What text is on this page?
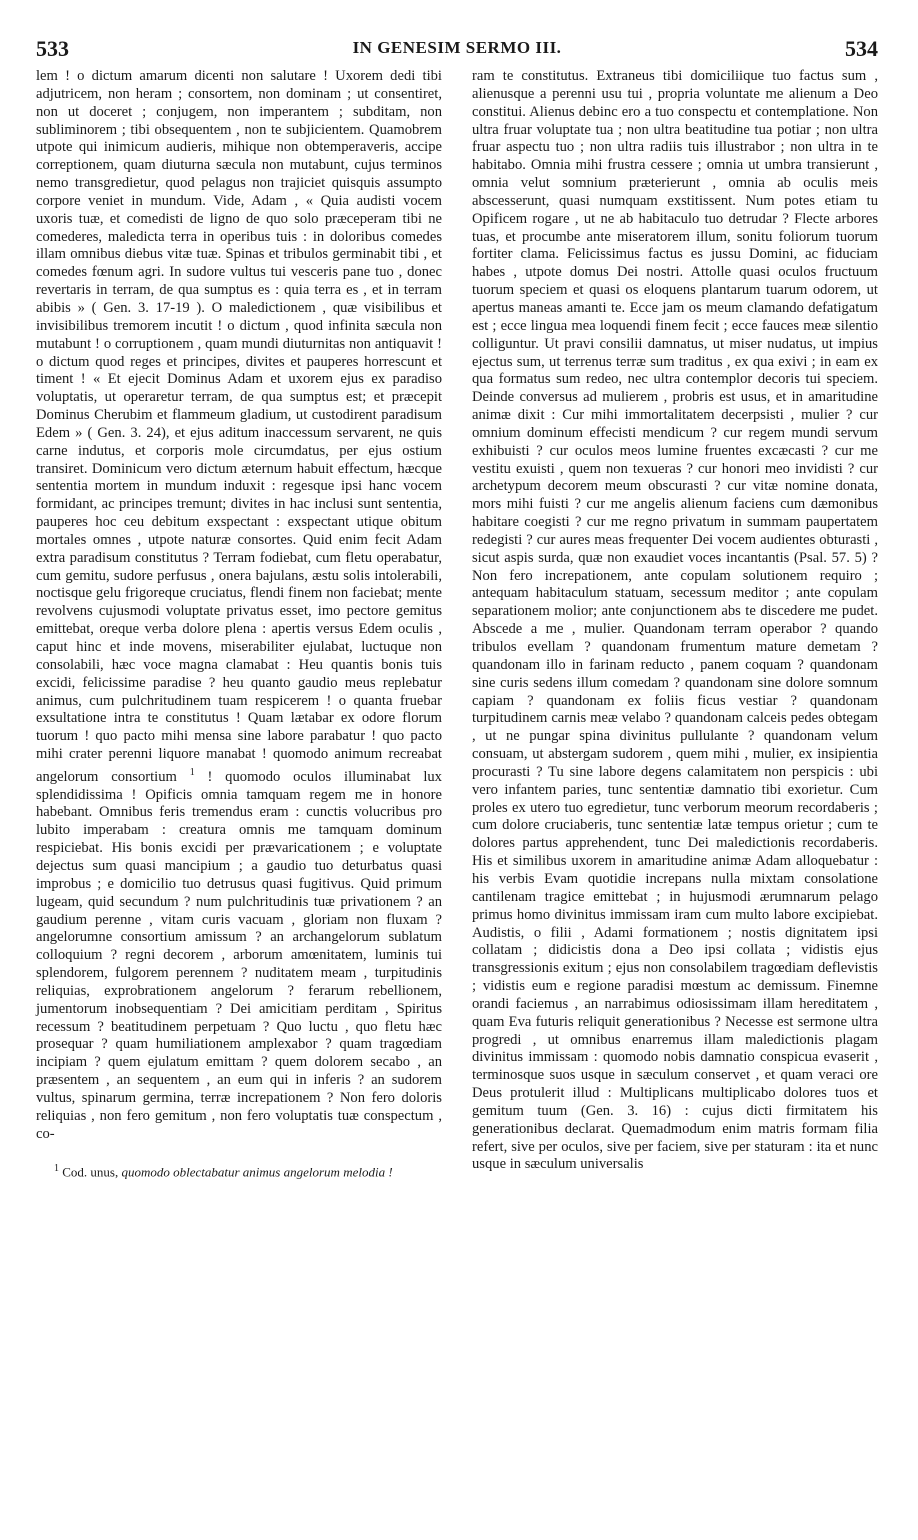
533	IN GENESIM SERMO III.	534

lem ! o dictum amarum dicenti non salutare ! Uxorem dedi tibi adjutricem, non heram ; consortem, non dominam ; ut consentiret, non ut doceret ; conjugem, non imperantem ; subditam, non subliminorem ; tibi obsequentem , non te subjicientem. Quamobrem utpote qui inimicum audieris, mihique non obtemperaveris, accipe correptionem, quam diuturna sæcula non mutabunt, cujus terminos nemo transgredietur, quod pelagus non trajiciet quisquis assumpto corpore veniet in mundum. Vide, Adam , « Quia audisti vocem uxoris tuæ, et comedisti de ligno de quo solo præceperam tibi ne comederes, maledicta terra in operibus tuis : in doloribus comedes illam omnibus diebus vitæ tuæ. Spinas et tribulos germinabit tibi , et comedes fœnum agri. In sudore vultus tui vesceris pane tuo , donec revertaris in terram, de qua sumptus es : quia terra es , et in terram abibis » ( Gen. 3. 17-19 ). O maledictionem , quæ visibilibus et invisibilibus tremorem incutit ! o dictum , quod infinita sæcula non mutabunt ! o corruptionem , quam mundi diuturnitas non antiquavit ! o dictum quod reges et principes, divites et pauperes horrescunt et timent ! « Et ejecit Dominus Adam et uxorem ejus ex paradiso voluptatis, ut operaretur terram, de qua sumptus est; et præcepit Dominus Cherubim et flammeum gladium, ut custodirent paradisum Edem » ( Gen. 3. 24), et ejus aditum inaccessum servarent, ne quis carne indutus, et corporis mole circumdatus, per ejus ostium transiret. Dominicum vero dictum æternum habuit effectum, hæcque sententia mortem in mundum induxit : regesque ipsi hanc vocem formidant, ac principes tremunt; divites in hac inclusi sunt sententia, pauperes hoc ceu debitum exspectant : exspectant utique obitum mortales omnes , utpote naturæ consortes. Quid enim fecit Adam extra paradisum constitutus ? Terram fodiebat, cum fletu operabatur, cum gemitu, sudore perfusus , onera bajulans, æstu solis intolerabili, noctisque gelu frigoreque cruciatus, flendi finem non faciebat; mente revolvens cujusmodi voluptate privatus esset, imo pectore gemitus emittebat, oreque verba dolore plena : apertis versus Edem oculis , caput hinc et inde movens, miserabiliter ejulabat, luctuque non consolabili, hæc voce magna clamabat : Heu quantis bonis tuis excidi, felicissime paradise ? heu quanto gaudio meus replebatur animus, cum pulchritudinem tuam respicerem ! o quanta fruebar exsultatione intra te constitutus ! Quam lætabar ex odore florum tuorum ! quo pacto mihi mensa sine labore parabatur ! quo pacto mihi crater perenni liquore manabat ! quomodo animum recreabat angelorum consortium $^1$ ! quomodo oculos illuminabat lux splendidissima ! Opificis omnia tamquam regem me in honore habebant. Omnibus feris tremendus eram : cunctis volucribus pro lubito imperabam : creatura omnis me tamquam dominum respiciebat. His bonis excidi per prævaricationem ; e voluptate dejectus sum quasi mancipium ; a gaudio tuo deturbatus quasi improbus ; e domicilio tuo detrusus quasi fugitivus. Quid primum lugeam, quid secundum ? num pulchritudinis tuæ privationem ? an gaudium perenne , vitam curis vacuam , gloriam non fluxam ? angelorumne consortium amissum ? an archangelorum sublatum colloquium ? regni decorem , arborum amœnitatem, luminis tui splendorem, fulgorem perennem ? nuditatem meam , turpitudinis reliquias, exprobrationem angelorum ? ferarum rebellionem, jumentorum inobsequentiam ? Dei amicitiam perditam , Spiritus recessum ? beatitudinem perpetuam ? Quo luctu , quo fletu hæc prosequar ? quam humiliationem amplexabor ? quam tragœdiam incipiam ? quem ejulatum emittam ? quem dolorem secabo , an præsentem , an sequentem , an eum qui in inferis ? an sudorem vultus, spinarum germina, terræ increpationem ? Non fero doloris reliquias , non fero gemitum , non fero voluptatis tuæ conspectum , co-

$^1$ Cod. unus, quomodo oblectabatur animus angelorum melodia !

ram te constitutus. Extraneus tibi domiciliique tuo factus sum , alienusque a perenni usu tui , propria voluntate me alienum a Deo constitui. Alienus debinc ero a tuo conspectu et contemplatione. Non ultra fruar voluptate tua ; non ultra beatitudine tua potiar ; non ultra fruar aspectu tuo ; non ultra radiis tuis illustrabor ; non ultra in te habitabo. Omnia mihi frustra cessere ; omnia ut umbra transierunt , omnia velut somnium præterierunt , omnia ab oculis meis abscesserunt, quasi numquam exstitissent. Num potes etiam tu Opificem rogare , ut ne ab habitaculo tuo detrudar ? Flecte arbores tuas, et procumbe ante miseratorem illum, sonitu foliorum tuorum fortiter clama. Felicissimus factus es jussu Domini, ac fiduciam habes , utpote domus Dei nostri. Attolle quasi oculos fructuum tuorum speciem et quasi os eloquens plantarum tuarum odorem, ut apertus maneas amanti te. Ecce jam os meum clamando defatigatum est ; ecce lingua mea loquendi finem fecit ; ecce fauces meæ silentio colliguntur. Ut pravi consilii damnatus, ut miser nudatus, ut impius ejectus sum, ut terrenus terræ sum traditus , ex qua exivi ; in eam ex qua formatus sum redeo, nec ultra contemplor decoris tui speciem. Deinde conversus ad mulierem , probris est usus, et in amaritudine animæ dixit : Cur mihi immortalitatem decerpsisti , mulier ? cur omnium dominum effecisti mendicum ? cur regem mundi servum exhibuisti ? cur oculos meos lumine fruentes excæcasti ? cur me vestitu exuisti , quem non texueras ? cur honori meo invidisti ? cur archetypum decorem meum obscurasti ? cur vitæ nomine donata, mors mihi fuisti ? cur me angelis alienum faciens cum dæmonibus habitare coegisti ? cur me regno privatum in summam paupertatem redegisti ? cur aures meas frequenter Dei vocem audientes obturasti , sicut aspis surda, quæ non exaudiet voces incantantis (Psal. 57. 5) ? Non fero increpationem, ante copulam solutionem requiro ; antequam habitaculum statuam, secessum meditor ; ante copulam separationem molior; ante conjunctionem abs te discedere me pudet. Abscede a me , mulier. Quandonam terram operabor ? quando tribulos evellam ? quandonam frumentum mature demetam ? quandonam illo in farinam reducto , panem coquam ? quandonam sine curis sedens illum comedam ? quandonam sine dolore somnum capiam ? quandonam ex foliis ficus vestiar ? quandonam turpitudinem carnis meæ velabo ? quandonam calceis pedes obtegam , ut ne pungar spina divinitus pullulante ? quandonam velum consuam, ut abstergam sudorem , quem mihi , mulier, ex insipientia procurasti ? Tu sine labore degens calamitatem non perspicis : ubi vero infantem paries, tunc sententiæ damnatio tibi exorietur. Cum proles ex utero tuo egredietur, tunc verborum meorum recordaberis ; cum dolore cruciaberis, tunc sententiæ latæ tempus orietur ; cum te dolores partus apprehendent, tunc Dei maledictionis recordaberis. His et similibus uxorem in amaritudine animæ Adam alloquebatur : his verbis Evam quotidie increpans nulla mixtam consolatione cantilenam tragice emittebat ; in hujusmodi ærumnarum pelago primus homo divinitus immissam iram cum multo labore excipiebat. Audistis, o filii , Adami formationem ; nostis dignitatem ipsi collatam ; didicistis dona a Deo ipsi collata ; vidistis ejus transgressionis exitum ; ejus non consolabilem tragœdiam deflevistis ; vidistis eum e regione paradisi mœstum ac demissum. Finemne orandi faciemus , an narrabimus odiosissimam illam hereditatem , quam Eva futuris reliquit generationibus ? Necesse est sermone ultra progredi , ut omnibus enarremus illam maledictionis plagam divinitus immissam : quomodo nobis damnatio conspicua evaserit , terminosque suos usque in sæculum conservet , et quam veraci ore Deus protulerit illud : Multiplicans multiplicabo dolores tuos et gemitum tuum (Gen. 3. 16) : cujus dicti firmitatem his generationibus declarat. Quemadmodum enim matris formam filia refert, sive per oculos, sive per faciem, sive per staturam : ita et nunc usque in sæculum universalis
